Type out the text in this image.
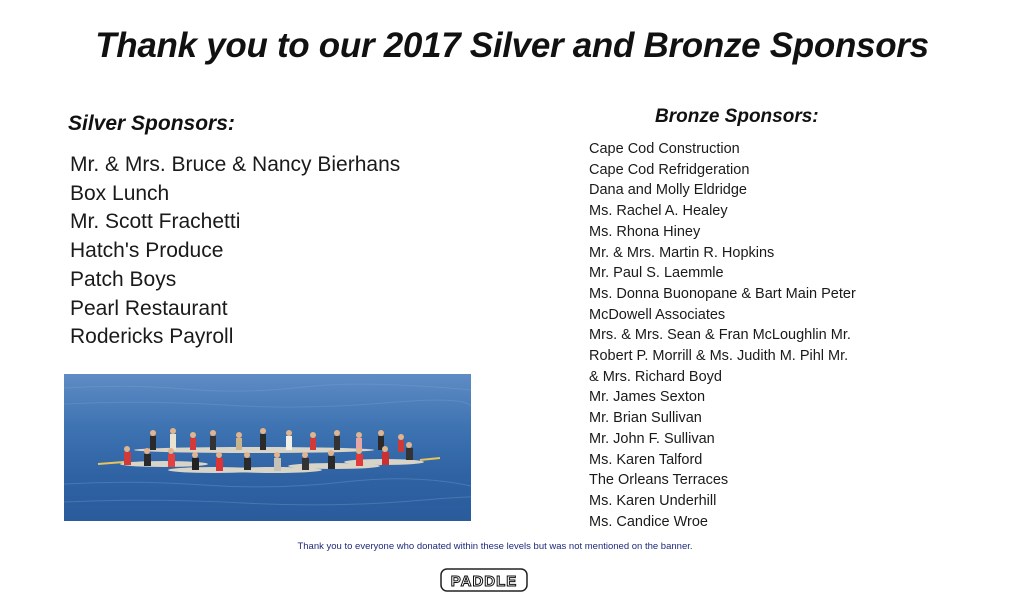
Thank you to our 2017 Silver and Bronze Sponsors
Silver Sponsors:
Mr. & Mrs. Bruce & Nancy Bierhans
Box Lunch
Mr. Scott Frachetti
Hatch's Produce
Patch Boys
Pearl Restaurant
Rodericks Payroll
Bronze Sponsors:
Cape Cod Construction
Cape Cod Refridgeration
Dana and Molly Eldridge
Ms. Rachel A. Healey
Ms. Rhona Hiney
Mr. & Mrs. Martin R. Hopkins
Mr. Paul S. Laemmle
Ms. Donna Buonopane & Bart Main Peter
McDowell Associates
Mrs. & Mrs. Sean & Fran McLoughlin Mr.
Robert P. Morrill & Ms. Judith M. Pihl Mr.
& Mrs. Richard Boyd
Mr. James Sexton
Mr. Brian Sullivan
Mr. John F. Sullivan
Ms. Karen Talford
The Orleans Terraces
Ms. Karen Underhill
Ms. Candice Wroe
Thank you to everyone who donated within these levels but was not mentioned on the banner.
PADDLE
